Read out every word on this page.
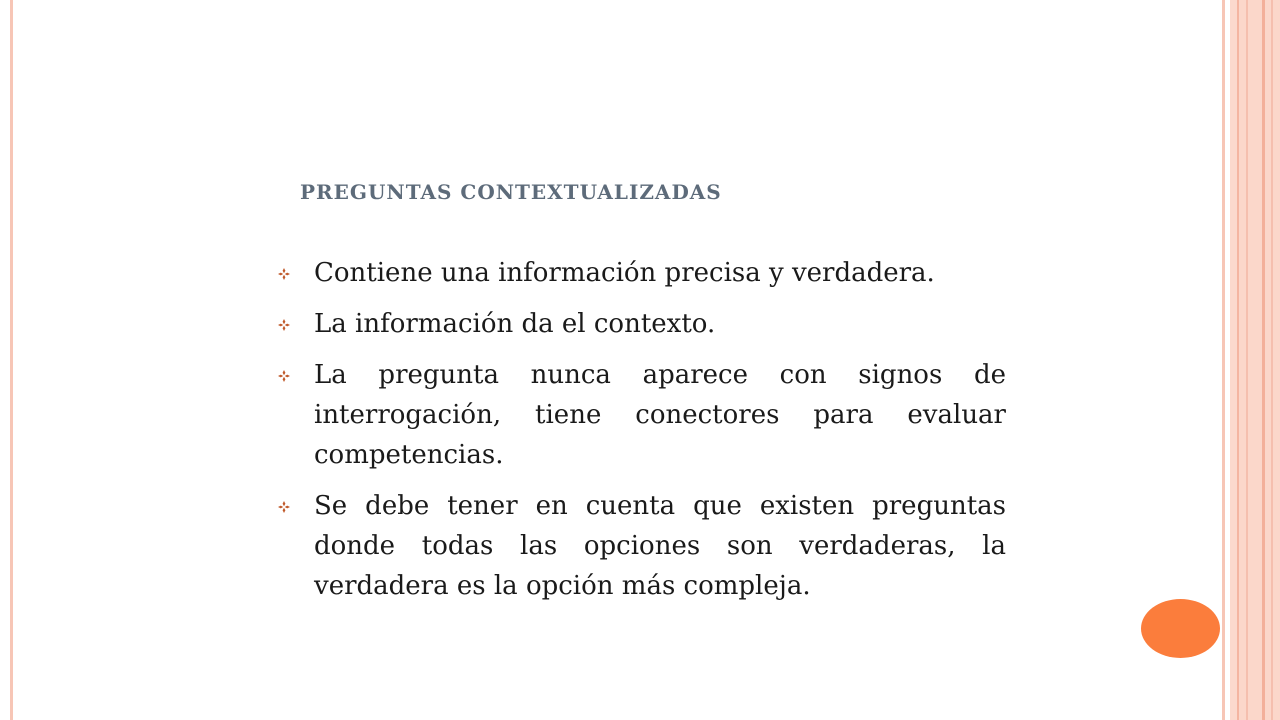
PREGUNTAS CONTEXTUALIZADAS
Contiene una información precisa y verdadera.
La información da el contexto.
La pregunta nunca aparece con signos de interrogación, tiene conectores para evaluar competencias.
Se debe tener en cuenta que existen preguntas donde todas las opciones son verdaderas, la verdadera es la opción más compleja.
